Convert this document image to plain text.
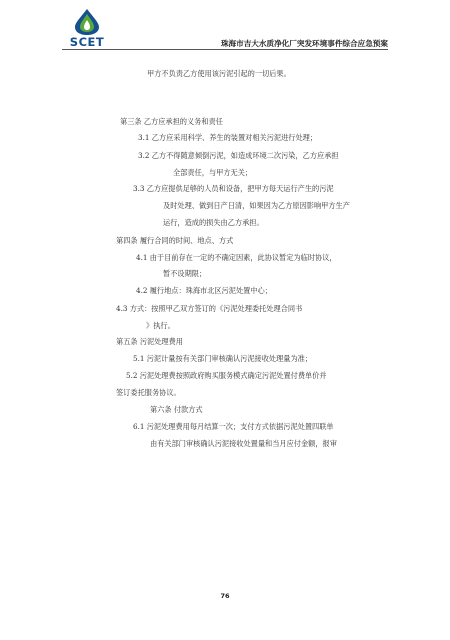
SCET	珠海市吉大水质净化厂突发环境事件综合应急预案
甲方不负责乙方使用该污泥引起的一切后果。
第三条 乙方应承担的义务和责任
3.1 乙方应采用科学、养生的装置对相关污泥进行处理；
3.2 乙方不得随意倾倒污泥，如造成环境二次污染，乙方应承担
全部责任，与甲方无关；
3.3 乙方应提供足够的人员和设备，把甲方每天运行产生的污泥
及时处理、做到日产日清，如果因为乙方原因影响甲方生产
运行，造成的损失由乙方承担。
第四条 履行合同的时间、地点、方式
4.1 由于目前存在一定的不确定因素，此协议暂定为临时协议，
暂不设期限；
4.2 履行地点：珠海市北区污泥处置中心；
4.3 方式：按照甲乙双方签订的《污泥处理委托处理合同书
》执行。
第五条 污泥处理费用
5.1 污泥计量按有关部门审核确认污泥接收处理量为准；
5.2 污泥处理费按照政府购买服务模式确定污泥处置付费单价并
签订委托服务协议。
第六条 付款方式
6.1 污泥处理费用每月结算一次；支付方式依据污泥处置四联单
由有关部门审核确认污泥接收处置量和当月应付金额，报审
76
